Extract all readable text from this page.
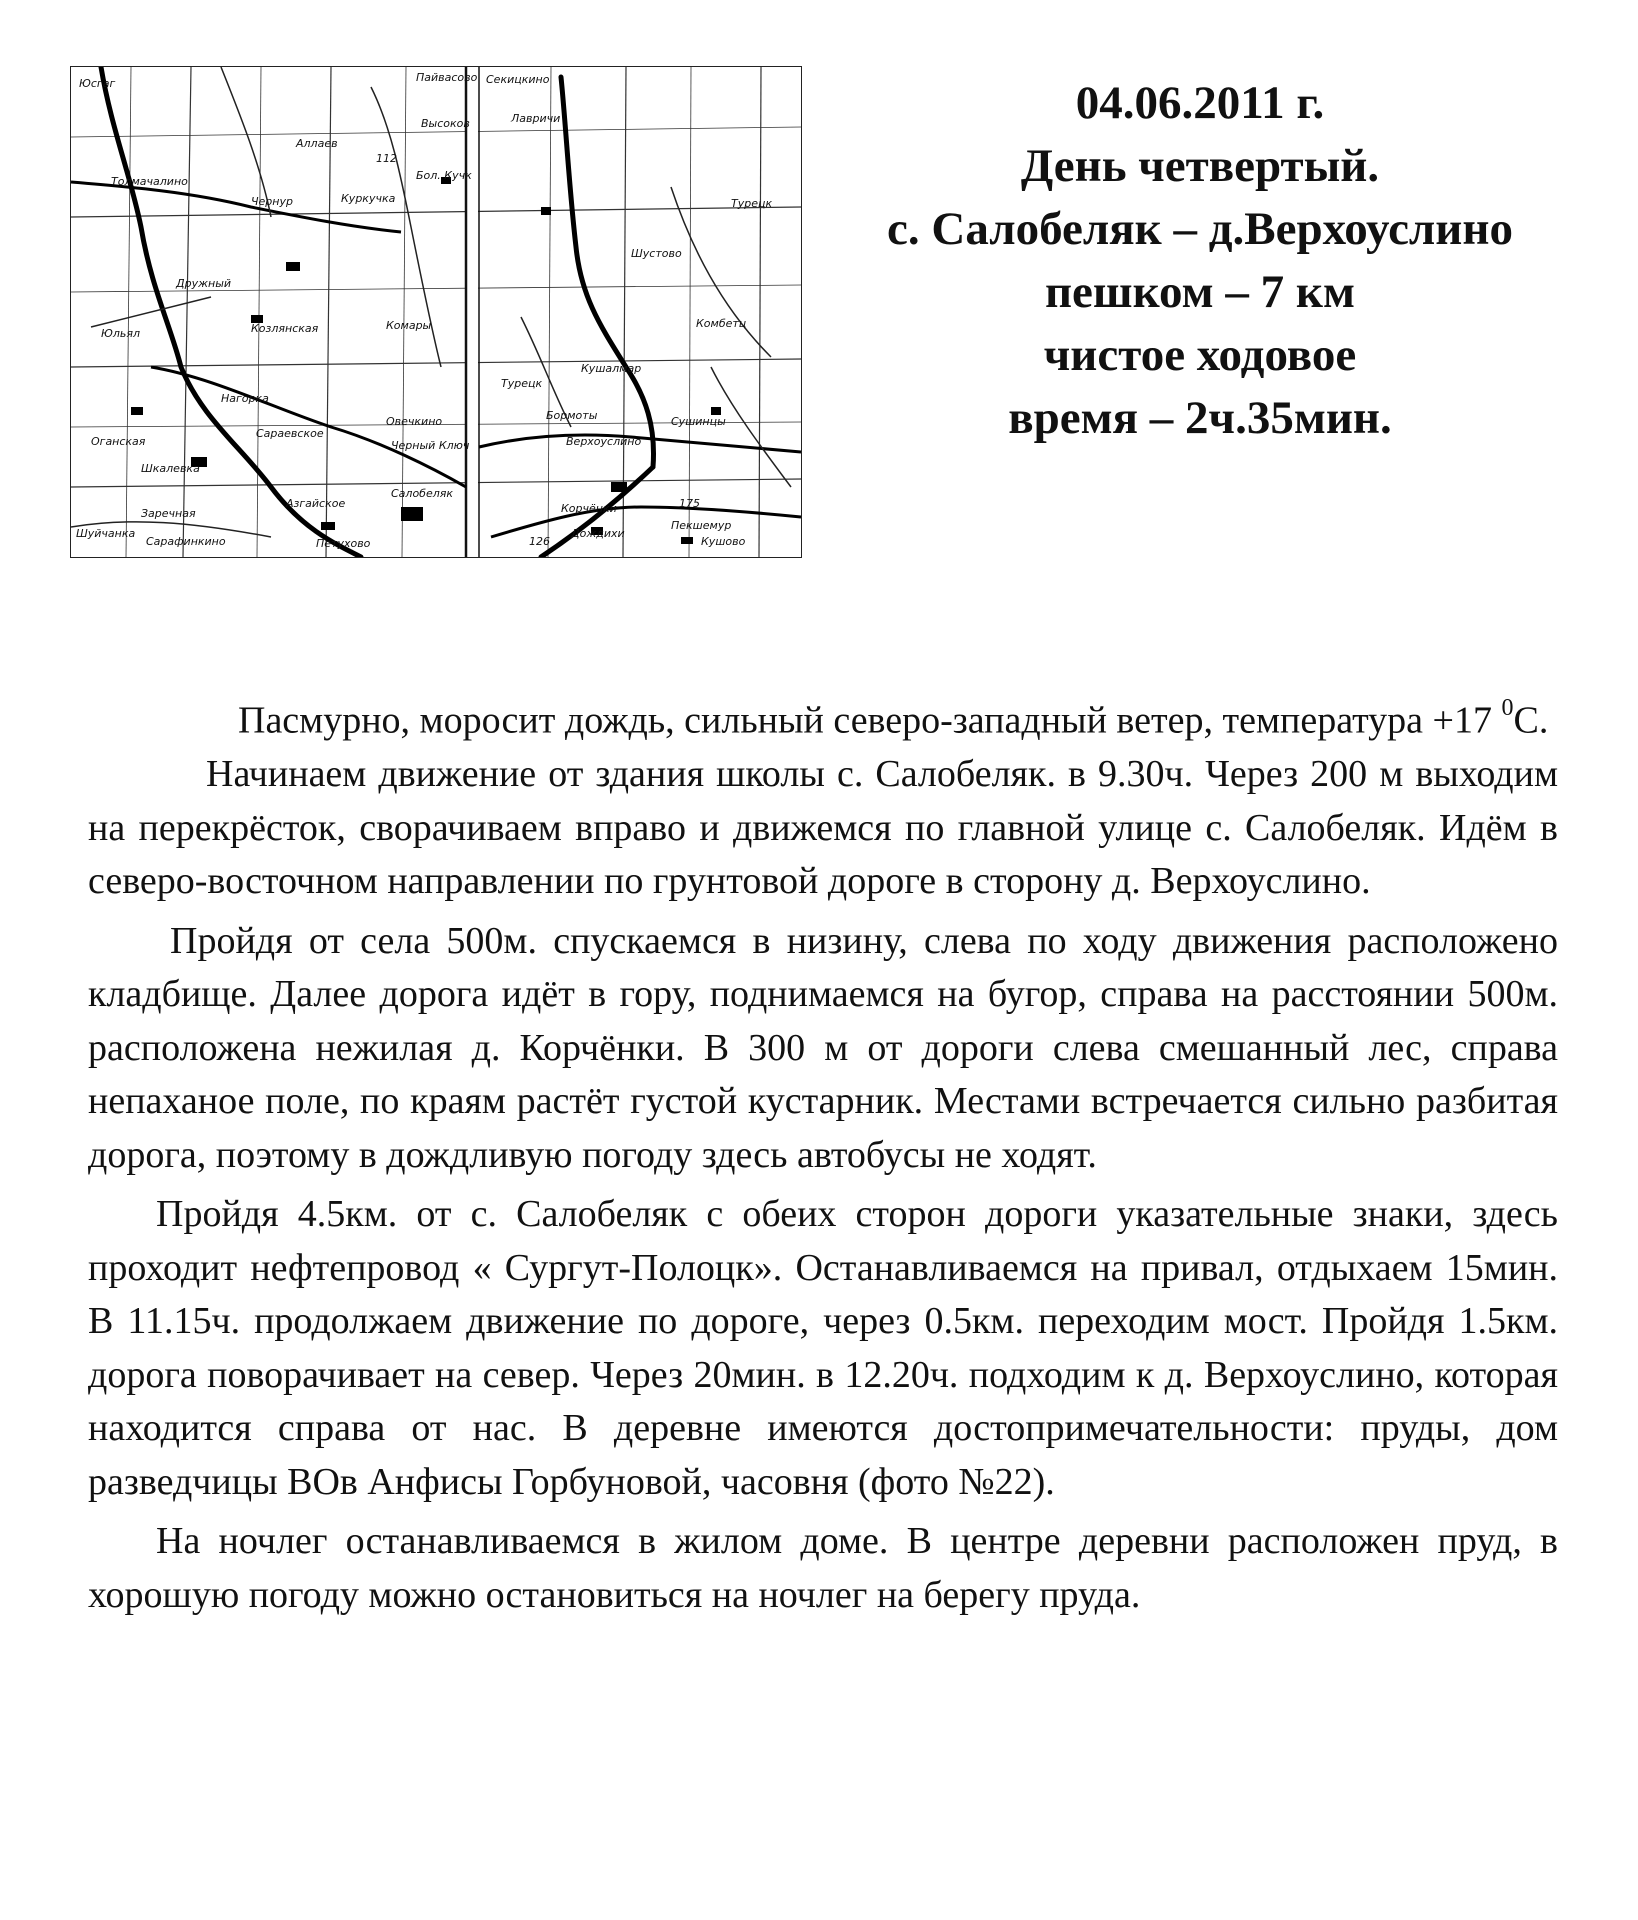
Пайвасово Секицкино
Юсгаг
Аллаев
Высоков	Лавричи
Толмачалино
Чернур	Куркучка
Бол. Кучк
Турецк
Шустово
Дружный
Юльял	Козлянская	Комары
Кушалмар
Турецк
Комбетц
Нагорка
Сараевское
Овечкино	Бормоты	Сушинцы
Верхоуслино
Оганская	Черный Ключ
Шкалевка
Салобеляк
Азгайское	Корчёнки
Заречная
Шуйчанка
Сарафинкино	Петухово
Дождихи
Пекшемур
Кушово
112
175
126
04.06.2011 г.
День четвертый.
с. Салобеляк – д.Верхоуслино
пешком – 7 км
чистое ходовое
время – 2ч.35мин.

Пасмурно, моросит дождь, сильный северо-западный ветер, температура +17 $^0$С.

Начинаем движение от здания школы с. Салобеляк. в 9.30ч. Через 200 м выходим на перекрёсток, сворачиваем вправо и движемся по главной улице с. Салобеляк. Идём в северо-восточном направлении по грунтовой дороге в сторону д. Верхоуслино.

Пройдя от села 500м. спускаемся в низину, слева по ходу движения расположено кладбище. Далее дорога идёт в гору, поднимаемся на бугор, справа на расстоянии 500м. расположена нежилая д. Корчёнки. В 300 м от дороги слева смешанный лес, справа непаханое поле, по краям растёт густой кустарник. Местами встречается сильно разбитая дорога, поэтому в дождливую погоду здесь автобусы не ходят.

Пройдя 4.5км. от с. Салобеляк с обеих сторон дороги указательные знаки, здесь проходит нефтепровод « Сургут-Полоцк». Останавливаемся на привал, отдыхаем 15мин. В 11.15ч. продолжаем движение по дороге, через 0.5км. переходим мост. Пройдя 1.5км. дорога поворачивает на север. Через 20мин. в 12.20ч. подходим к д. Верхоуслино, которая находится справа от нас. В деревне имеются достопримечательности: пруды, дом разведчицы ВОв Анфисы Горбуновой, часовня (фото №22).

На ночлег останавливаемся в жилом доме. В центре деревни расположен пруд, в хорошую погоду можно остановиться на ночлег на берегу пруда.
